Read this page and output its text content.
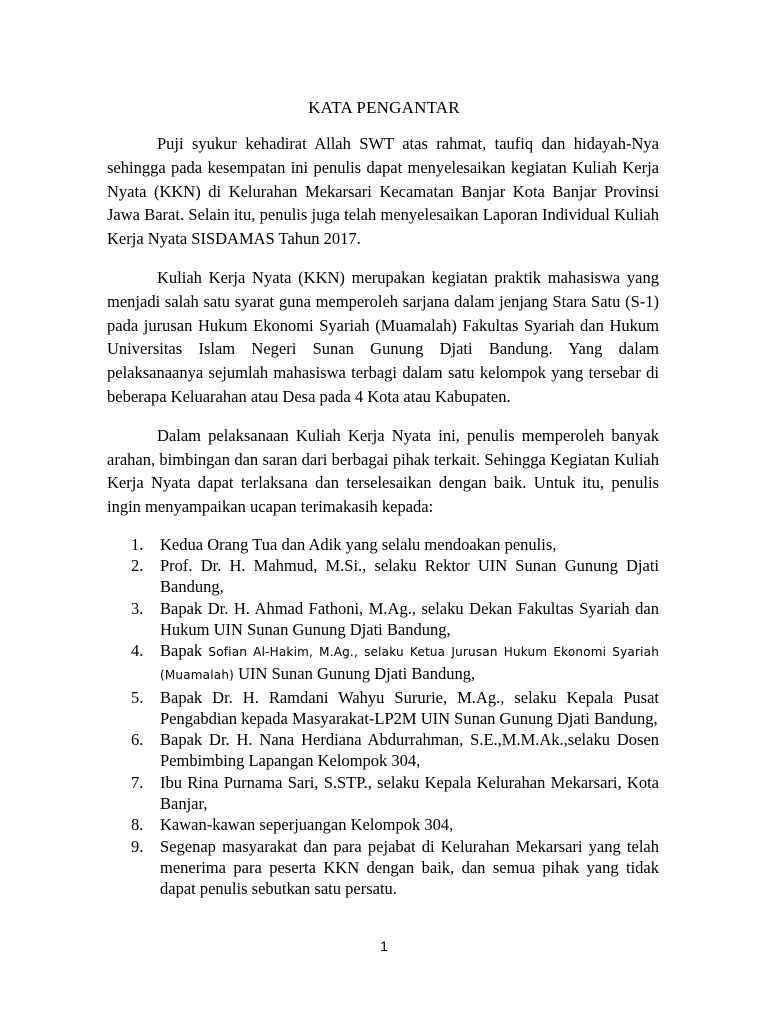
KATA PENGANTAR

Puji syukur kehadirat Allah SWT atas rahmat, taufiq dan hidayah-Nya sehingga pada kesempatan ini penulis dapat menyelesaikan kegiatan Kuliah Kerja Nyata (KKN) di Kelurahan Mekarsari Kecamatan Banjar Kota Banjar Provinsi Jawa Barat. Selain itu, penulis juga telah menyelesaikan Laporan Individual Kuliah Kerja Nyata SISDAMAS Tahun 2017.

Kuliah Kerja Nyata (KKN) merupakan kegiatan praktik mahasiswa yang menjadi salah satu syarat guna memperoleh sarjana dalam jenjang Stara Satu (S-1) pada jurusan Hukum Ekonomi Syariah (Muamalah) Fakultas Syariah dan Hukum Universitas Islam Negeri Sunan Gunung Djati Bandung. Yang dalam pelaksanaanya sejumlah mahasiswa terbagi dalam satu kelompok yang tersebar di beberapa Keluarahan atau Desa pada 4 Kota atau Kabupaten.

Dalam pelaksanaan Kuliah Kerja Nyata ini, penulis memperoleh banyak arahan, bimbingan dan saran dari berbagai pihak terkait. Sehingga Kegiatan Kuliah Kerja Nyata dapat terlaksana dan terselesaikan dengan baik. Untuk itu, penulis ingin menyampaikan ucapan terimakasih kepada:

1. Kedua Orang Tua dan Adik yang selalu mendoakan penulis,
2. Prof. Dr. H. Mahmud, M.Si., selaku Rektor UIN Sunan Gunung Djati Bandung,
3. Bapak Dr. H. Ahmad Fathoni, M.Ag., selaku Dekan Fakultas Syariah dan Hukum UIN Sunan Gunung Djati Bandung,
4. Bapak Sofian Al-Hakim, M.Ag., selaku Ketua Jurusan Hukum Ekonomi Syariah (Muamalah) UIN Sunan Gunung Djati Bandung,
5. Bapak Dr. H. Ramdani Wahyu Sururie, M.Ag., selaku Kepala Pusat Pengabdian kepada Masyarakat-LP2M UIN Sunan Gunung Djati Bandung,
6. Bapak Dr. H. Nana Herdiana Abdurrahman, S.E.,M.M.Ak.,selaku Dosen Pembimbing Lapangan Kelompok 304,
7. Ibu Rina Purnama Sari, S.STP., selaku Kepala Kelurahan Mekarsari, Kota Banjar,
8. Kawan-kawan seperjuangan Kelompok 304,
9. Segenap masyarakat dan para pejabat di Kelurahan Mekarsari yang telah menerima para peserta KKN dengan baik, dan semua pihak yang tidak dapat penulis sebutkan satu persatu.
1
